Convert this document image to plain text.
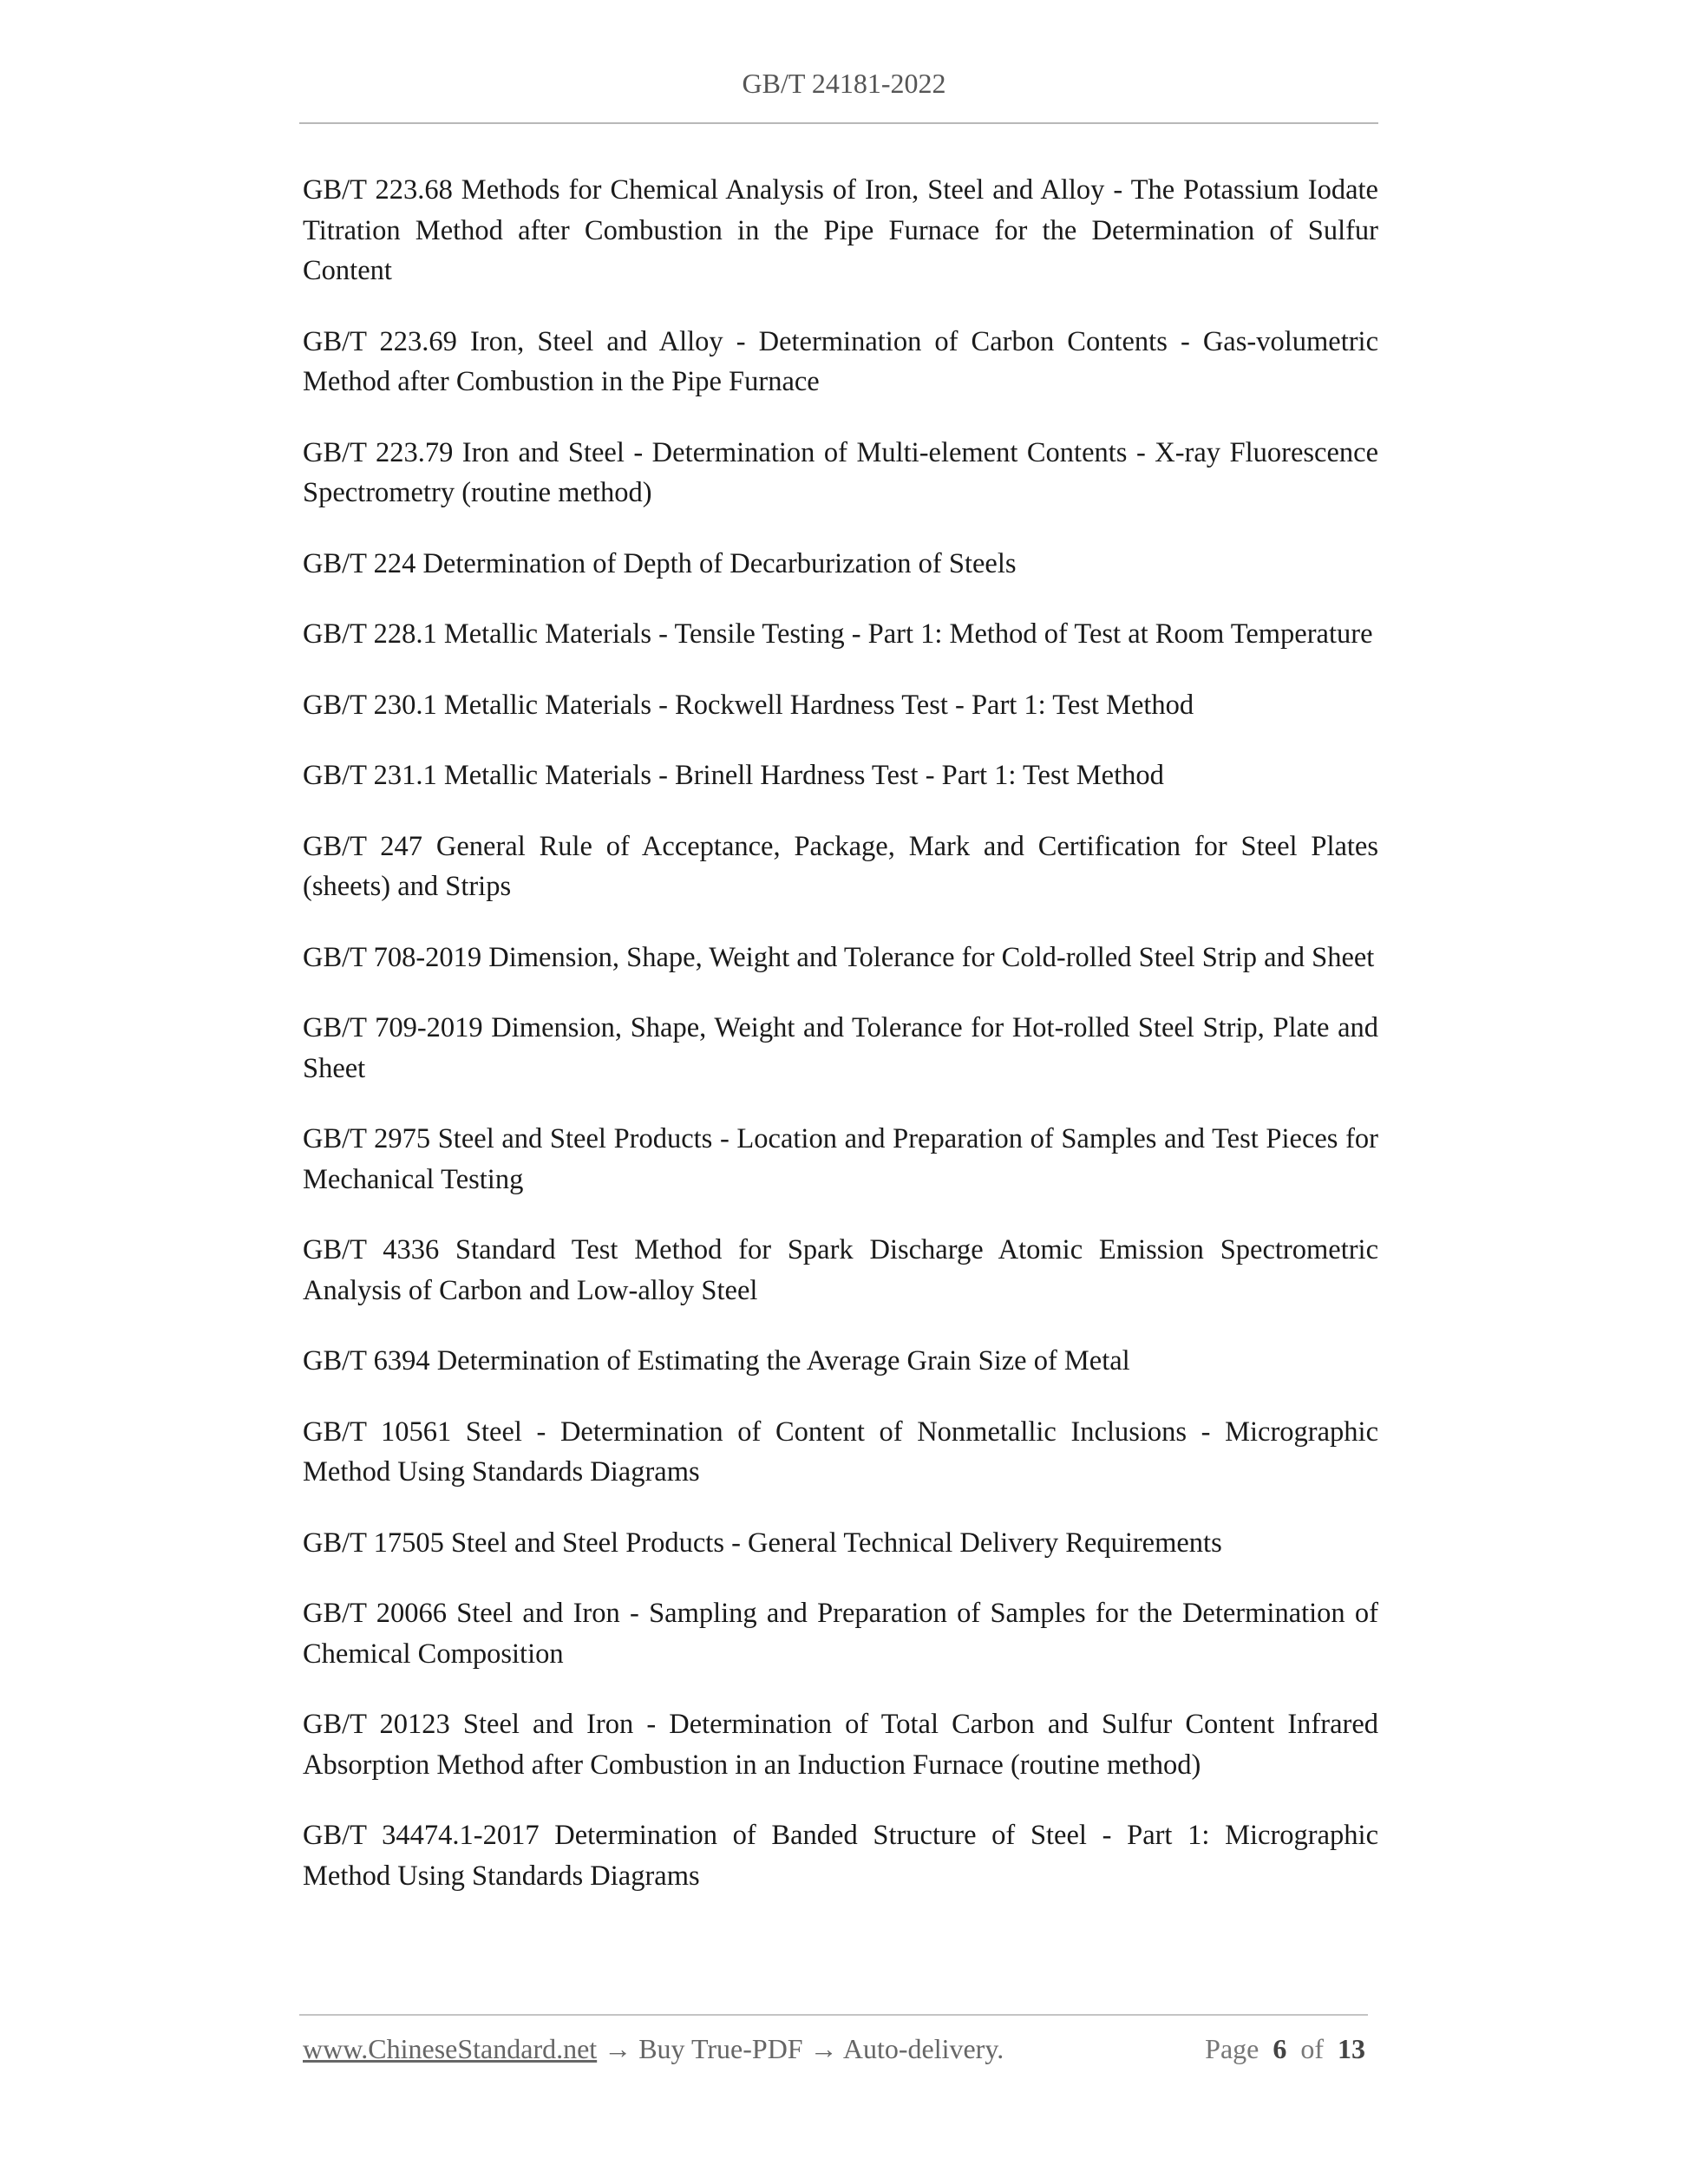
GB/T 24181-2022
GB/T 223.68 Methods for Chemical Analysis of Iron, Steel and Alloy - The Potassium Iodate Titration Method after Combustion in the Pipe Furnace for the Determination of Sulfur Content
GB/T 223.69 Iron, Steel and Alloy - Determination of Carbon Contents - Gas-volumetric Method after Combustion in the Pipe Furnace
GB/T 223.79 Iron and Steel - Determination of Multi-element Contents - X-ray Fluorescence Spectrometry (routine method)
GB/T 224 Determination of Depth of Decarburization of Steels
GB/T 228.1 Metallic Materials - Tensile Testing - Part 1: Method of Test at Room Temperature
GB/T 230.1 Metallic Materials - Rockwell Hardness Test - Part 1: Test Method
GB/T 231.1 Metallic Materials - Brinell Hardness Test - Part 1: Test Method
GB/T 247 General Rule of Acceptance, Package, Mark and Certification for Steel Plates (sheets) and Strips
GB/T 708-2019 Dimension, Shape, Weight and Tolerance for Cold-rolled Steel Strip and Sheet
GB/T 709-2019 Dimension, Shape, Weight and Tolerance for Hot-rolled Steel Strip, Plate and Sheet
GB/T 2975 Steel and Steel Products - Location and Preparation of Samples and Test Pieces for Mechanical Testing
GB/T 4336 Standard Test Method for Spark Discharge Atomic Emission Spectrometric Analysis of Carbon and Low-alloy Steel
GB/T 6394 Determination of Estimating the Average Grain Size of Metal
GB/T 10561 Steel - Determination of Content of Nonmetallic Inclusions - Micrographic Method Using Standards Diagrams
GB/T 17505 Steel and Steel Products - General Technical Delivery Requirements
GB/T 20066 Steel and Iron - Sampling and Preparation of Samples for the Determination of Chemical Composition
GB/T 20123 Steel and Iron - Determination of Total Carbon and Sulfur Content Infrared Absorption Method after Combustion in an Induction Furnace (routine method)
GB/T 34474.1-2017 Determination of Banded Structure of Steel - Part 1: Micrographic Method Using Standards Diagrams
www.ChineseStandard.net → Buy True-PDF → Auto-delivery.	Page 6 of 13
